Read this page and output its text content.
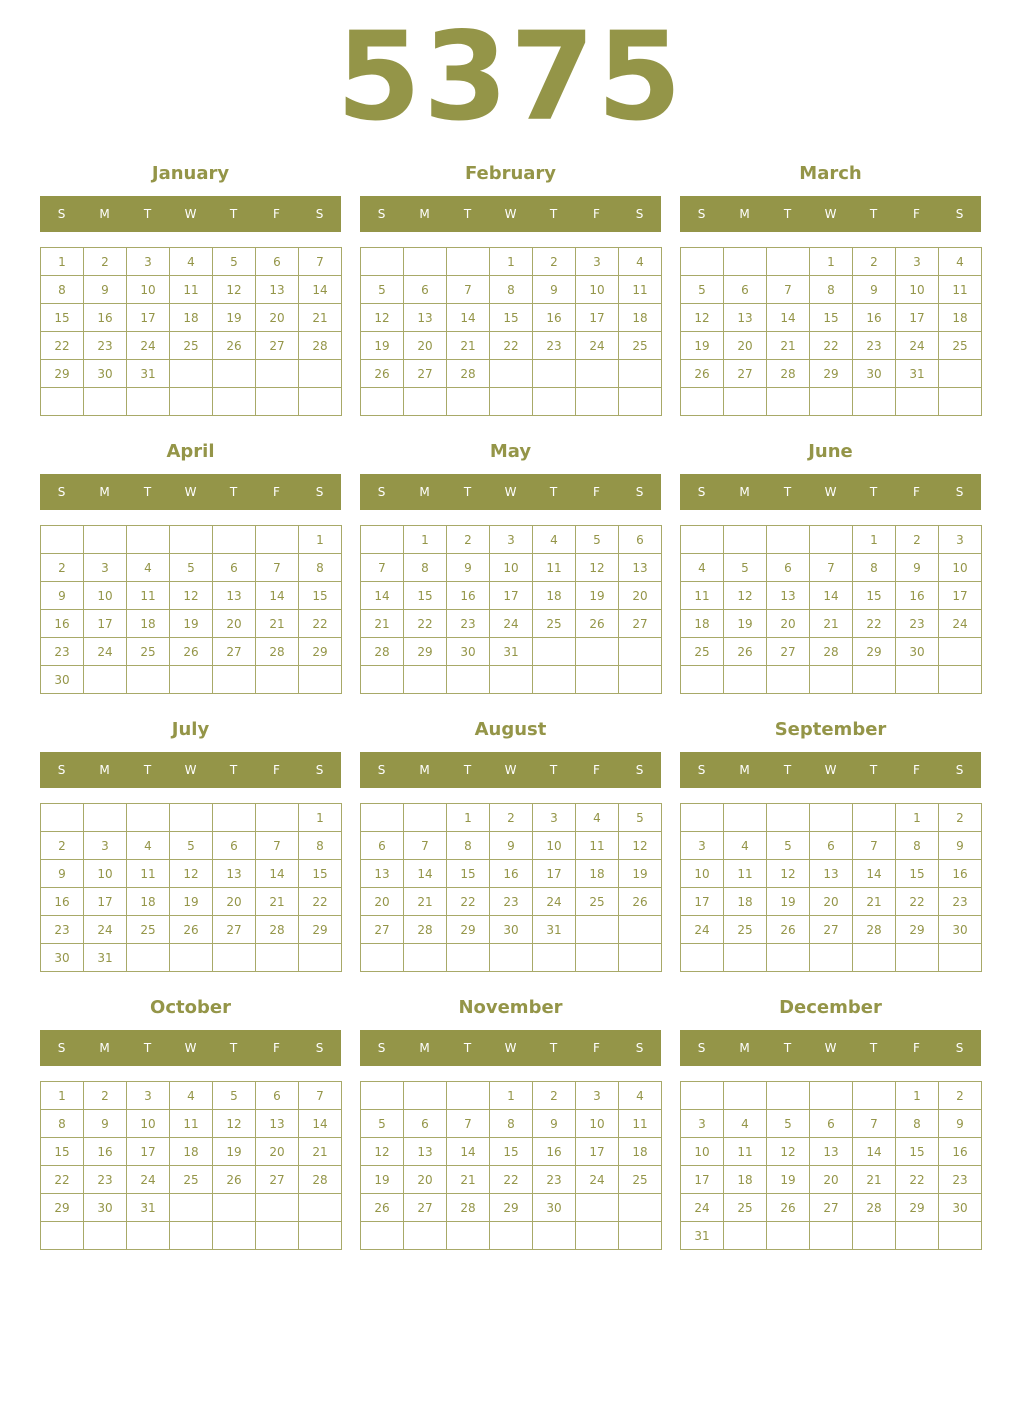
5375
January
S	M	T	W	T	F	S
1	2	3	4	5	6	7
8	9	10	11	12	13	14
15	16	17	18	19	20	21
22	23	24	25	26	27	28
29	30	31				

February
S	M	T	W	T	F	S
			1	2	3	4
5	6	7	8	9	10	11
12	13	14	15	16	17	18
19	20	21	22	23	24	25
26	27	28				

March
S	M	T	W	T	F	S
			1	2	3	4
5	6	7	8	9	10	11
12	13	14	15	16	17	18
19	20	21	22	23	24	25
26	27	28	29	30	31	

April
S	M	T	W	T	F	S
						1
2	3	4	5	6	7	8
9	10	11	12	13	14	15
16	17	18	19	20	21	22
23	24	25	26	27	28	29
30						
May
S	M	T	W	T	F	S
	1	2	3	4	5	6
7	8	9	10	11	12	13
14	15	16	17	18	19	20
21	22	23	24	25	26	27
28	29	30	31			

June
S	M	T	W	T	F	S
				1	2	3
4	5	6	7	8	9	10
11	12	13	14	15	16	17
18	19	20	21	22	23	24
25	26	27	28	29	30	

July
S	M	T	W	T	F	S
						1
2	3	4	5	6	7	8
9	10	11	12	13	14	15
16	17	18	19	20	21	22
23	24	25	26	27	28	29
30	31					
August
S	M	T	W	T	F	S
		1	2	3	4	5
6	7	8	9	10	11	12
13	14	15	16	17	18	19
20	21	22	23	24	25	26
27	28	29	30	31		

September
S	M	T	W	T	F	S
					1	2
3	4	5	6	7	8	9
10	11	12	13	14	15	16
17	18	19	20	21	22	23
24	25	26	27	28	29	30

October
S	M	T	W	T	F	S
1	2	3	4	5	6	7
8	9	10	11	12	13	14
15	16	17	18	19	20	21
22	23	24	25	26	27	28
29	30	31				

November
S	M	T	W	T	F	S
			1	2	3	4
5	6	7	8	9	10	11
12	13	14	15	16	17	18
19	20	21	22	23	24	25
26	27	28	29	30		

December
S	M	T	W	T	F	S
					1	2
3	4	5	6	7	8	9
10	11	12	13	14	15	16
17	18	19	20	21	22	23
24	25	26	27	28	29	30
31						
